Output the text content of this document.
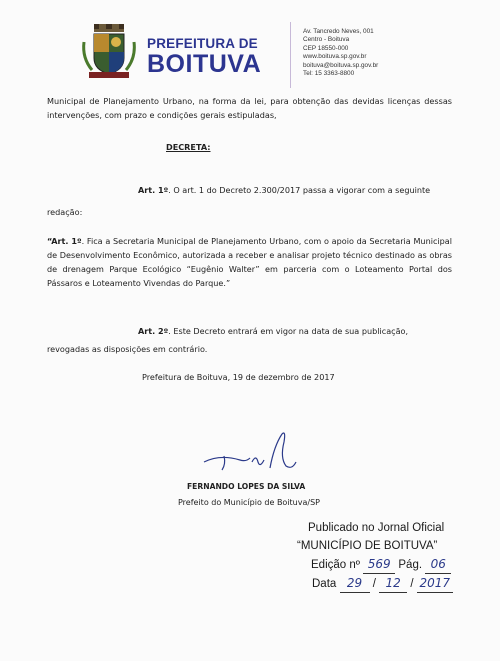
PREFEITURA DE
BOITUVA
Av. Tancredo Neves, 001
Centro - Boituva
CEP 18550-000
www.boituva.sp.gov.br
boituva@boituva.sp.gov.br
Tel: 15 3363-8800
Municipal de Planejamento Urbano, na forma da lei, para obtenção das devidas licenças dessas intervenções, com prazo e condições gerais estipuladas,
DECRETA:
Art. 1º. O art. 1 do Decreto 2.300/2017 passa a vigorar com a seguinte
redação:
“Art. 1º. Fica a Secretaria Municipal de Planejamento Urbano, com o apoio da Secretaria Municipal de Desenvolvimento Econômico, autorizada a receber e analisar projeto técnico destinado as obras de drenagem Parque Ecológico “Eugênio Walter” em parceria com o Loteamento Portal dos Pássaros e Loteamento Vivendas do Parque.”
Art. 2º. Este Decreto entrará em vigor na data de sua publicação,
revogadas as disposições em contrário.
Prefeitura de Boituva, 19 de dezembro de 2017
FERNANDO LOPES DA SILVA
Prefeito do Município de Boituva/SP
Publicado no Jornal Oficial
“MUNICÍPIO DE BOITUVA”
Edição nº 569 Pág. 06
Data 29 / 12 / 2017
